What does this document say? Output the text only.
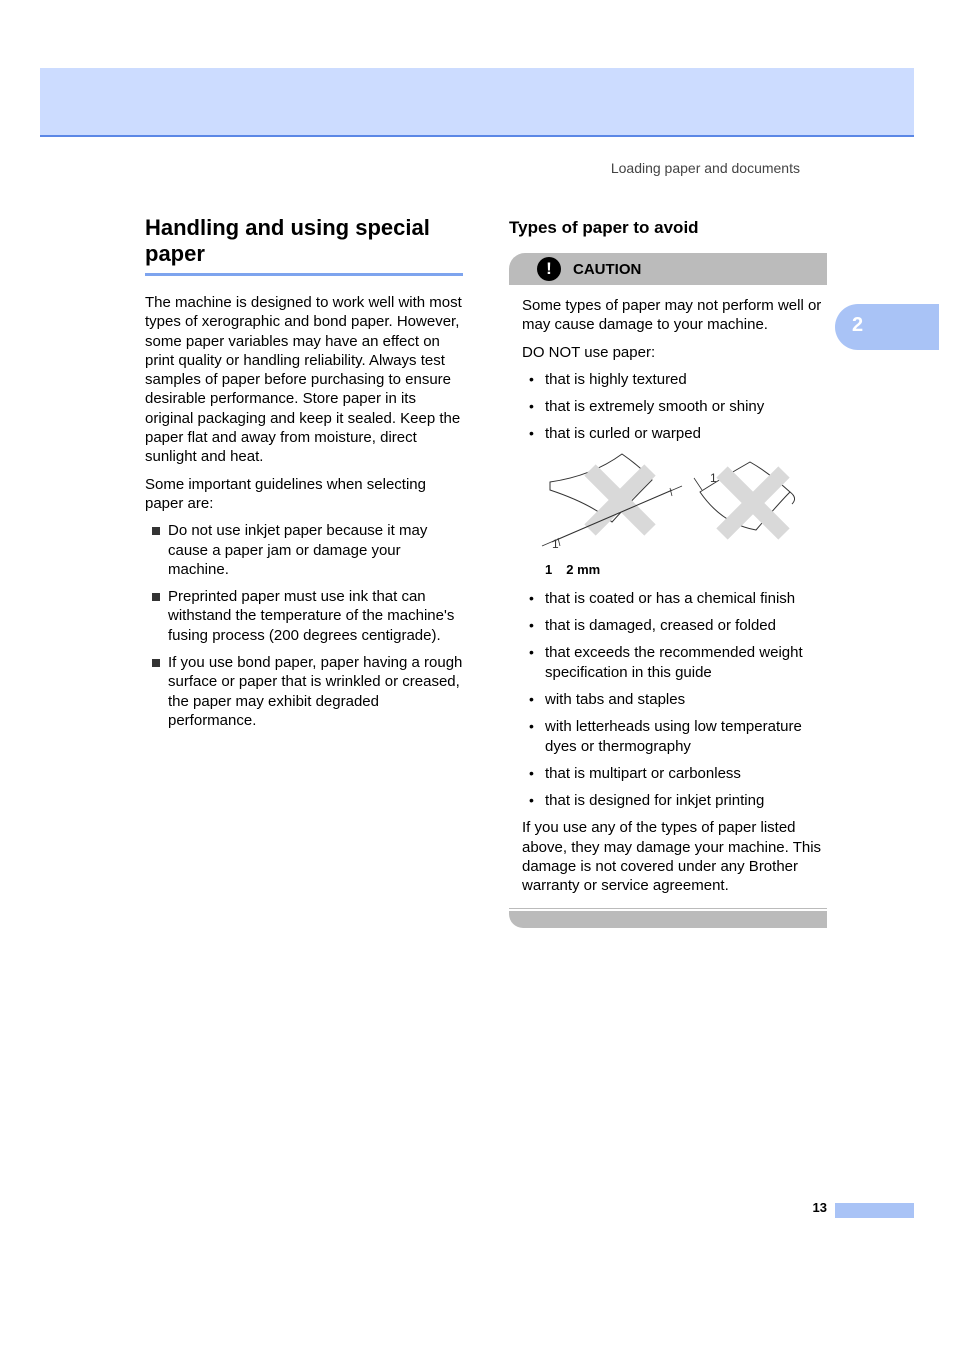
Loading paper and documents
2
Handling and using special paper

The machine is designed to work well with most types of xerographic and bond paper. However, some paper variables may have an effect on print quality or handling reliability. Always test samples of paper before purchasing to ensure desirable performance. Store paper in its original packaging and keep it sealed. Keep the paper flat and away from moisture, direct sunlight and heat.

Some important guidelines when selecting paper are:

Do not use inkjet paper because it may cause a paper jam or damage your machine.
Preprinted paper must use ink that can withstand the temperature of the machine's fusing process (200 degrees centigrade).
If you use bond paper, paper having a rough surface or paper that is wrinkled or creased, the paper may exhibit degraded performance.
Types of paper to avoid
!	CAUTION

Some types of paper may not perform well or may cause damage to your machine.

DO NOT use paper:

• that is highly textured
• that is extremely smooth or shiny
• that is curled or warped
1
1

1 2 mm

• that is coated or has a chemical finish
• that is damaged, creased or folded
• that exceeds the recommended weight specification in this guide
• with tabs and staples
• with letterheads using low temperature dyes or thermography
• that is multipart or carbonless
• that is designed for inkjet printing

If you use any of the types of paper listed above, they may damage your machine. This damage is not covered under any Brother warranty or service agreement.

13
